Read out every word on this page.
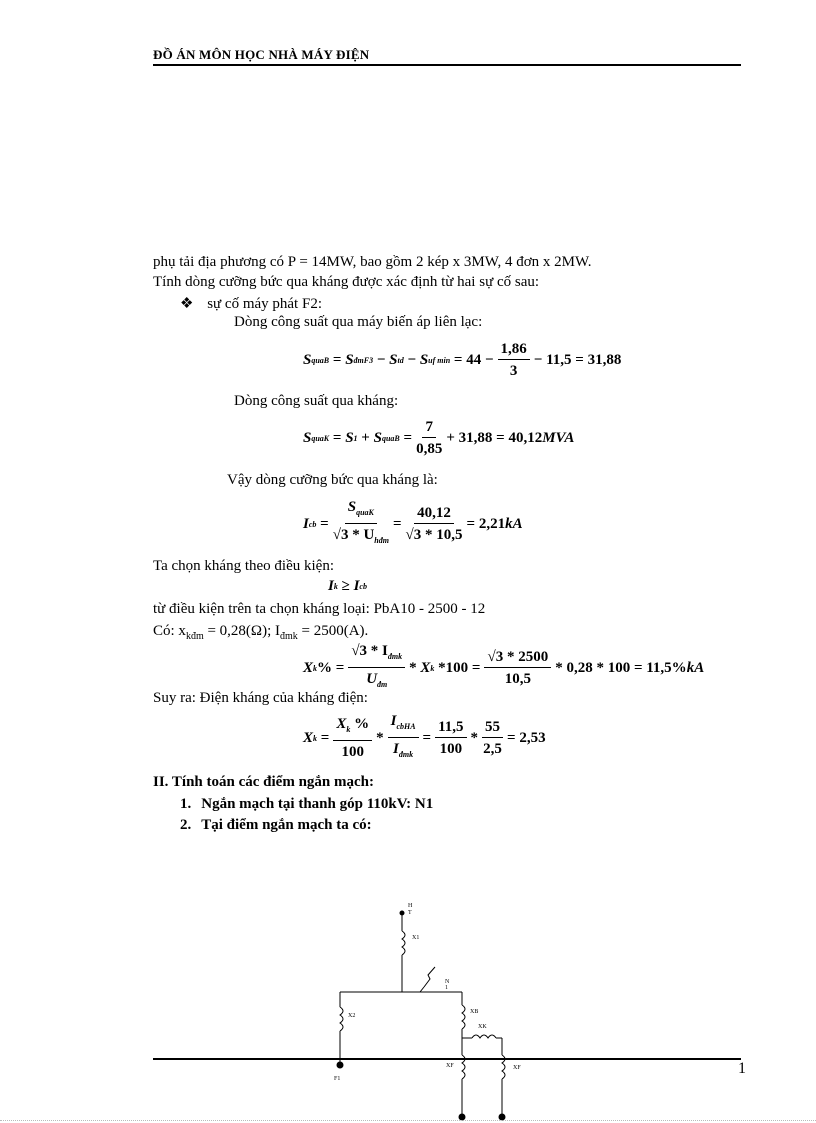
ĐỒ ÁN MÔN HỌC NHÀ MÁY ĐIỆN
phụ tải địa phương có P = 14MW, bao gồm 2 kép x 3MW, 4 đơn x 2MW.
Tính dòng cưỡng bức qua kháng được xác định từ hai sự cố sau:
❖ sự cố máy phát F2:
Dòng công suất qua máy biến áp liên lạc:
S quaB = S đmF3 − S td − S uf $\min = 44 - \frac{1,86}{3} - 11,5 = 31,88$
Dòng công suất qua kháng:
S quaK = S 1 + S quaB = $\frac{7}{0,85} + 31,88 = 40,12$ MVA
Vậy dòng cưỡng bức qua kháng là:
I cb = $\frac{S_{quaK}}{√3 * U_{hđm}} = \frac{40,12}{√3 * 10,5} = 2,21$ kA
Ta chọn kháng theo điều kiện:
I k
≥
I cb
từ điều kiện trên ta chọn kháng loại: PbA10 - 2500 - 12
Có: $x_{kđm} = 0,28(\Omega)$; $I_{đmk} = 2500(A)$.
X k % = $\frac{√3 * I_{đmk}}{U_{đm}}$ * X k
$*100 = \frac{√3 * 2500}{10,5} * 0,28 * 100 = 11,5\%$ kA
Suy ra: Điện kháng của kháng điện:
X $k = \frac{X_k \%}{100} * \frac{I_{cbHA}}{I_{đmk}} = \frac{11,5}{100} * \frac{55}{2,5} = 2,53$
II. Tính toán các điểm ngắn mạch:
1. Ngắn mạch tại thanh góp 110kV: N1
2. Tại điểm ngắn mạch ta có:
H
T
X1
N
1
X2
XB
XK
XF	XF
F1
1
